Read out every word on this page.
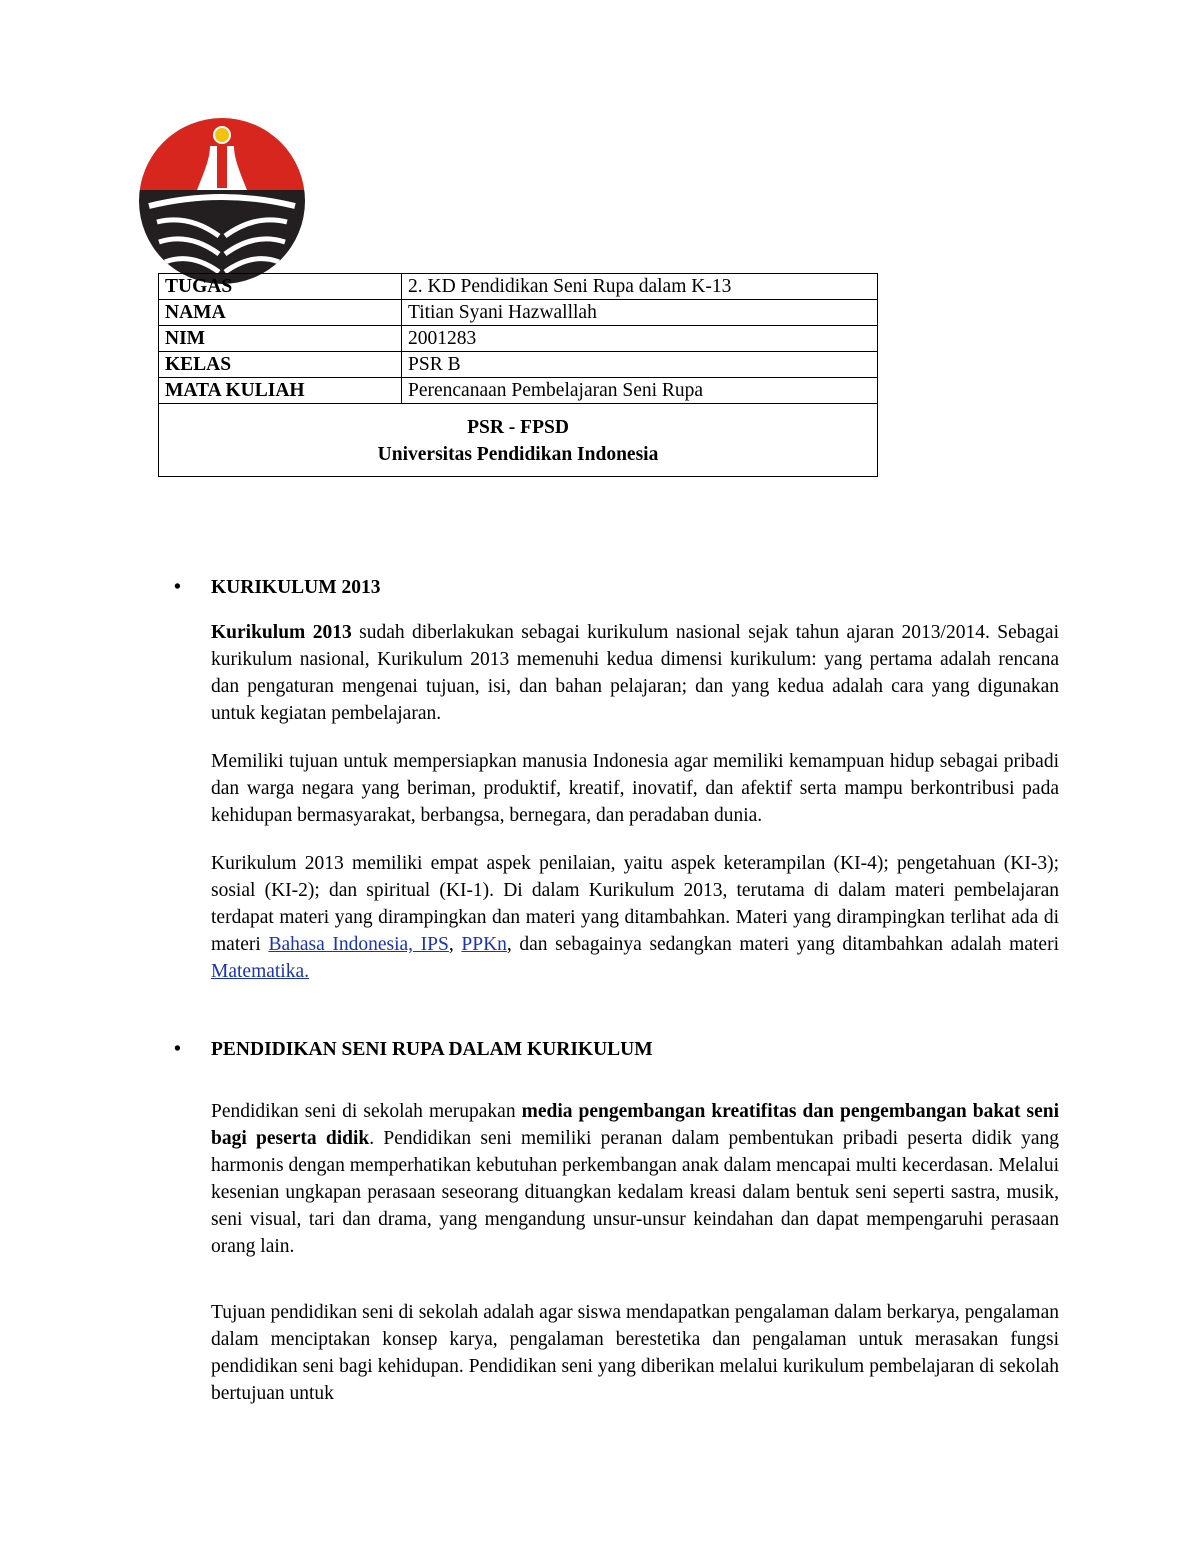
TUGAS	2. KD Pendidikan Seni Rupa dalam K-13
NAMA	Titian Syani Hazwalllah
NIM	2001283
KELAS	PSR B
MATA KULIAH	Perencanaan Pembelajaran Seni Rupa

PSR - FPSD
Universitas Pendidikan Indonesia	

• KURIKULUM 2013

Kurikulum 2013 sudah diberlakukan sebagai kurikulum nasional sejak tahun ajaran 2013/2014. Sebagai kurikulum nasional, Kurikulum 2013 memenuhi kedua dimensi kurikulum: yang pertama adalah rencana dan pengaturan mengenai tujuan, isi, dan bahan pelajaran; dan yang kedua adalah cara yang digunakan untuk kegiatan pembelajaran.

Memiliki tujuan untuk mempersiapkan manusia Indonesia agar memiliki kemampuan hidup sebagai pribadi dan warga negara yang beriman, produktif, kreatif, inovatif, dan afektif serta mampu berkontribusi pada kehidupan bermasyarakat, berbangsa, bernegara, dan peradaban dunia.

Kurikulum 2013 memiliki empat aspek penilaian, yaitu aspek keterampilan (KI-4); pengetahuan (KI-3); sosial (KI-2); dan spiritual (KI-1). Di dalam Kurikulum 2013, terutama di dalam materi pembelajaran terdapat materi yang dirampingkan dan materi yang ditambahkan. Materi yang dirampingkan terlihat ada di materi Bahasa Indonesia, IPS, PPKn, dan sebagainya sedangkan materi yang ditambahkan adalah materi Matematika.

• PENDIDIKAN SENI RUPA DALAM KURIKULUM

Pendidikan seni di sekolah merupakan media pengembangan kreatifitas dan pengembangan bakat seni bagi peserta didik. Pendidikan seni memiliki peranan dalam pembentukan pribadi peserta didik yang harmonis dengan memperhatikan kebutuhan perkembangan anak dalam mencapai multi kecerdasan. Melalui kesenian ungkapan perasaan seseorang dituangkan kedalam kreasi dalam bentuk seni seperti sastra, musik, seni visual, tari dan drama, yang mengandung unsur-unsur keindahan dan dapat mempengaruhi perasaan orang lain.

Tujuan pendidikan seni di sekolah adalah agar siswa mendapatkan pengalaman dalam berkarya, pengalaman dalam menciptakan konsep karya, pengalaman berestetika dan pengalaman untuk merasakan fungsi pendidikan seni bagi kehidupan. Pendidikan seni yang diberikan melalui kurikulum pembelajaran di sekolah bertujuan untuk
